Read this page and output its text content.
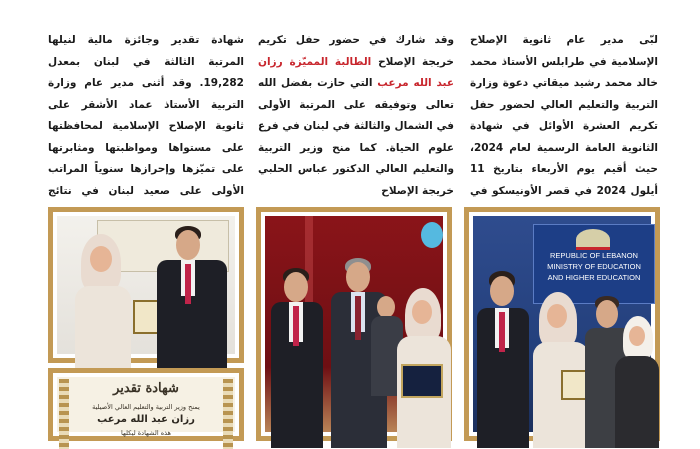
لبّى مدير عام ثانوية الإصلاح الإسلامية في طرابلس الأستاذ محمد خالد محمد رشيد ميقاتي دعوة وزارة التربية والتعليم العالي لحضور حفل تكريم العشرة الأوائل في شهادة الثانوية العامة الرسمية لعام 2024، حيث أقيم يوم الأربعاء بتاريخ 11 أيلول 2024 في قصر الأونيسكو في

وقد شارك في حضور حفل تكريم خريجة الإصلاح الطالبة المميّزة رزان عبد الله مرعب التي حازت بفضل الله تعالى وتوفيقه على المرتبة الأولى في الشمال والثالثة في لبنان في فرع علوم الحياة. كما منح وزير التربية والتعليم العالي الدكتور عباس الحلبي خريجة الإصلاح

شهادة تقدير وجائزة مالية لنيلها المرتبة الثالثة في لبنان بمعدل 19,282. وقد أثنى مدير عام وزارة التربية الأستاذ عماد الأشقر على ثانوية الإصلاح الإسلامية لمحافظتها على مستواها ومواظبتها ومثابرتها على تميّزها وإحرازها سنوياً المراتب الأولى على صعيد لبنان في نتائج

REPUBLIC OF LEBANON
MINISTRY OF EDUCATION
AND HIGHER EDUCATION
شهادة تقدير
يمنح وزير التربية والتعليم العالي الأصيلية
رزان عبد الله مرعب
هذه الشهادة ليكلها
